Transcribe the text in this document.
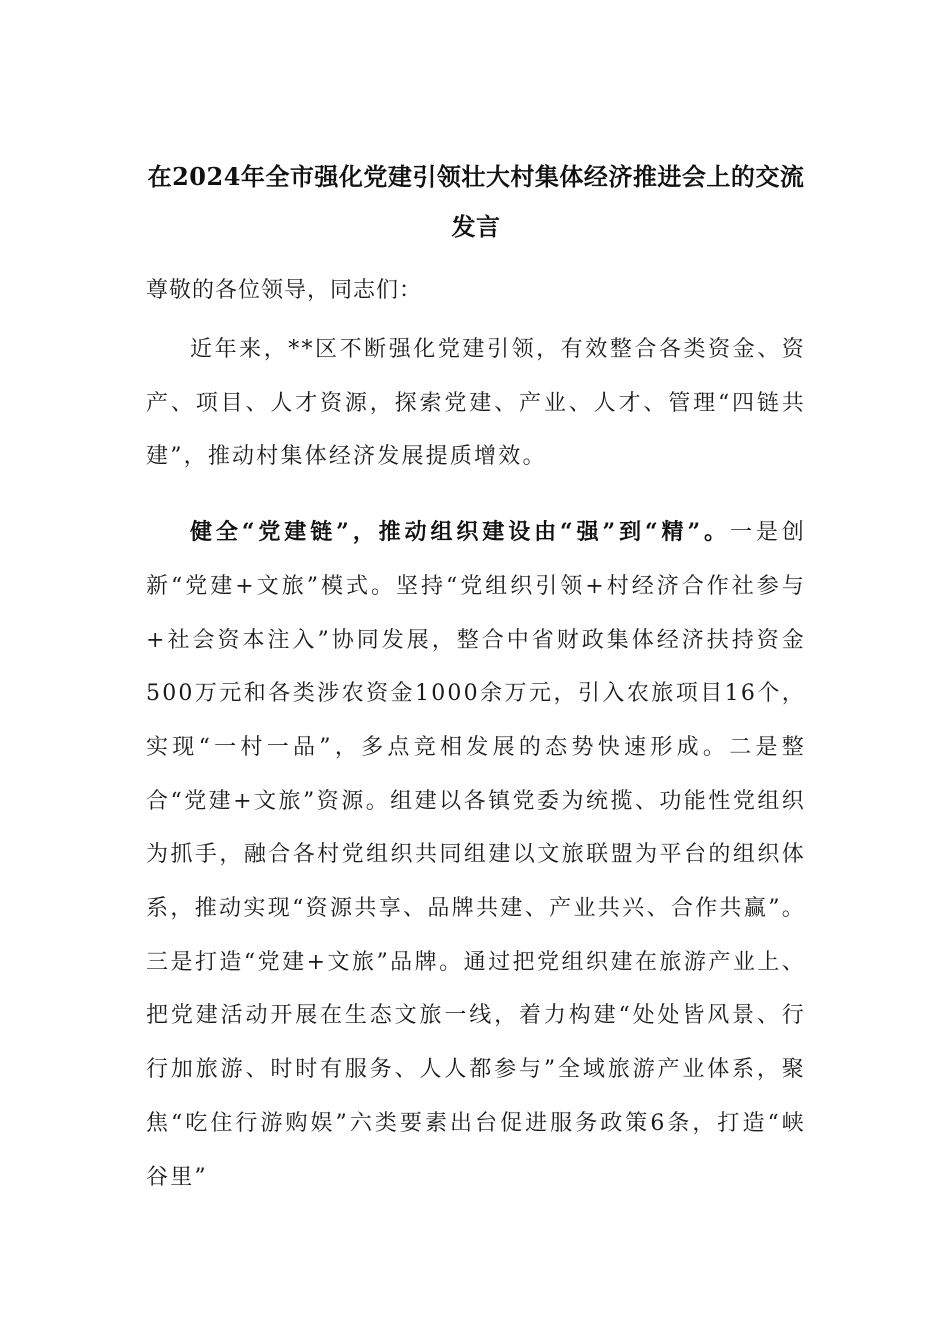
在2024年全市强化党建引领壮大村集体经济推进会上的交流发言

尊敬的各位领导，同志们：

近年来，**区不断强化党建引领，有效整合各类资金、资产、项目、人才资源，探索党建、产业、人才、管理“四链共建”，推动村集体经济发展提质增效。

健全“党建链”，推动组织建设由“强”到“精”。一是创新“党建+文旅”模式。坚持“党组织引领+村经济合作社参与+社会资本注入”协同发展，整合中省财政集体经济扶持资金500万元和各类涉农资金1000余万元，引入农旅项目16个，实现“一村一品”，多点竞相发展的态势快速形成。二是整合“党建+文旅”资源。组建以各镇党委为统揽、功能性党组织为抓手，融合各村党组织共同组建以文旅联盟为平台的组织体系，推动实现“资源共享、品牌共建、产业共兴、合作共赢”。三是打造“党建+文旅”品牌。通过把党组织建在旅游产业上、把党建活动开展在生态文旅一线，着力构建“处处皆风景、行行加旅游、时时有服务、人人都参与”全域旅游产业体系，聚焦“吃住行游购娱”六类要素出台促进服务政策6条，打造“峡谷里”
